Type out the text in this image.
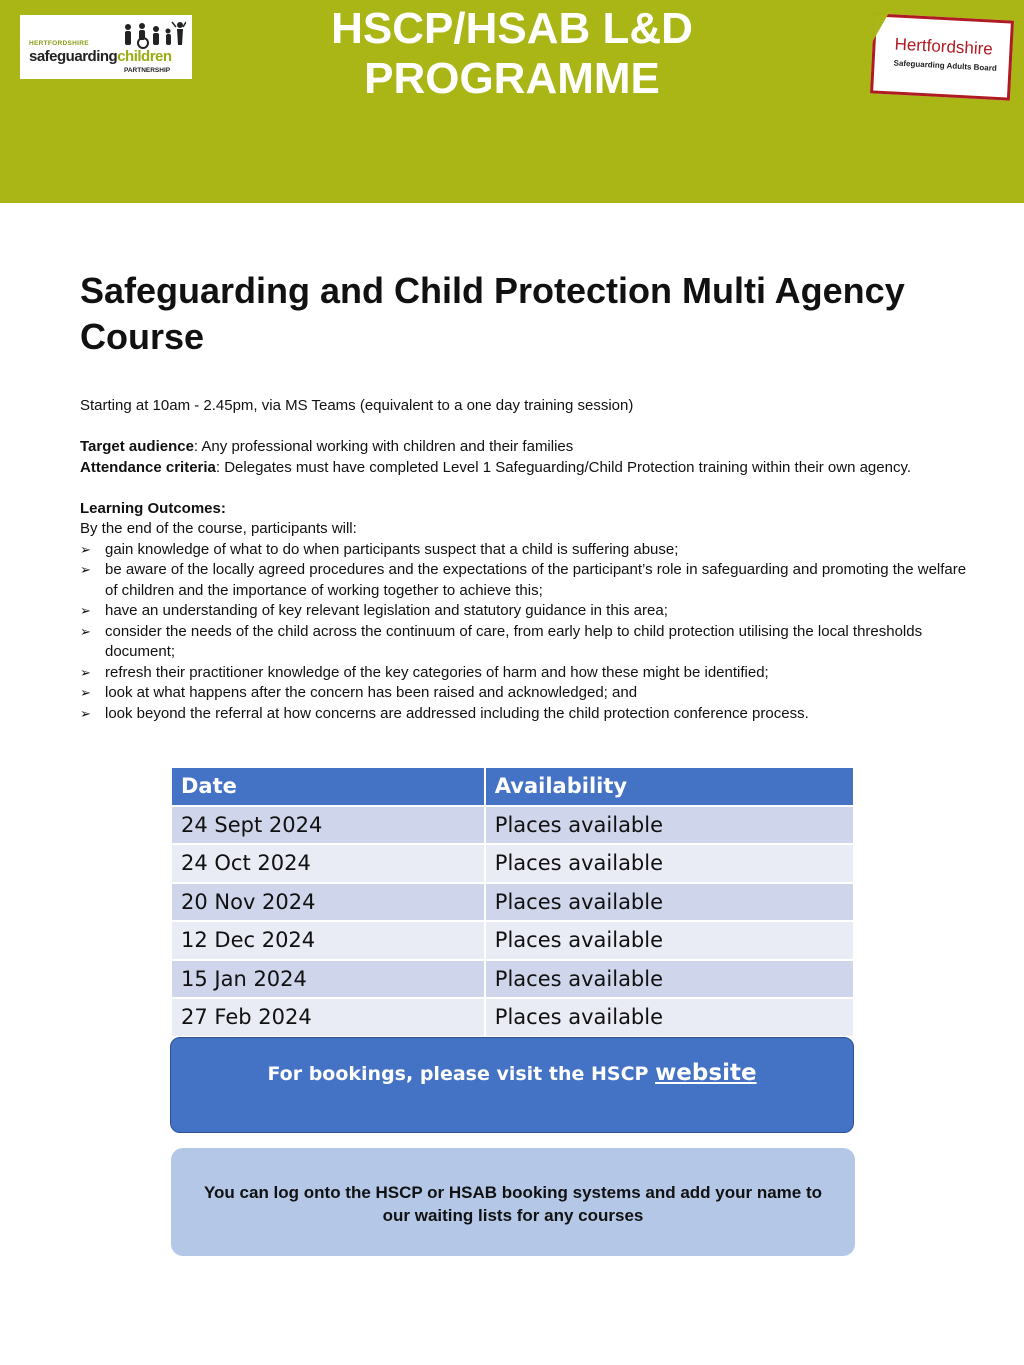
HERTFORDSHIRE
safeguardingchildren
PARTNERSHIP
HSCP/HSAB L&D
PROGRAMME
Hertfordshire
Safeguarding Adults Board
Safeguarding and Child Protection Multi Agency Course

Starting at 10am - 2.45pm, via MS Teams (equivalent to a one day training session)

Target audience: Any professional working with children and their families

Attendance criteria: Delegates must have completed Level 1 Safeguarding/Child Protection training within their own agency.

Learning Outcomes:

By the end of the course, participants will:

➢ gain knowledge of what to do when participants suspect that a child is suffering abuse;
➢ be aware of the locally agreed procedures and the expectations of the participant’s role in safeguarding and promoting the welfare of children and the importance of working together to achieve this;
➢ have an understanding of key relevant legislation and statutory guidance in this area;
➢ consider the needs of the child across the continuum of care, from early help to child protection utilising the local thresholds document;
➢ refresh their practitioner knowledge of the key categories of harm and how these might be identified;
➢ look at what happens after the concern has been raised and acknowledged; and
➢ look beyond the referral at how concerns are addressed including the child protection conference process.
Date	Availability
24 Sept 2024	Places available
24 Oct 2024	Places available
20 Nov 2024	Places available
12 Dec 2024	Places available
15 Jan 2024	Places available
27 Feb 2024	Places available
For bookings, please visit the HSCP website
You can log onto the HSCP or HSAB booking systems and add your name to our waiting lists for any courses
